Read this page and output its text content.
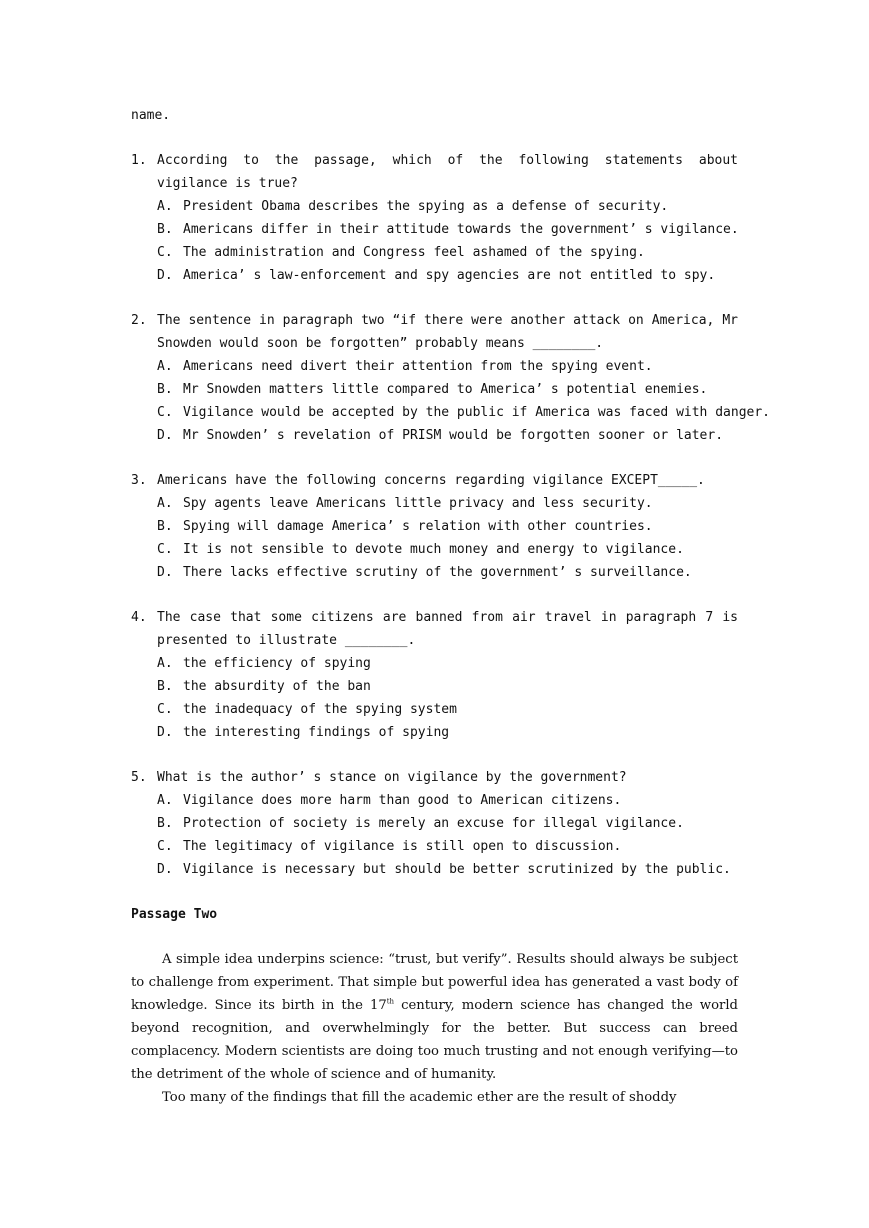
name.
1. According to the passage, which of the following statements about vigilance is true?
A. President Obama describes the spying as a defense of security.
B. Americans differ in their attitude towards the government’ s vigilance.
C. The administration and Congress feel ashamed of the spying.
D. America’ s law-enforcement and spy agencies are not entitled to spy.
2. The sentence in paragraph two “if there were another attack on America, Mr Snowden would soon be forgotten” probably means ________.
A. Americans need divert their attention from the spying event.
B. Mr Snowden matters little compared to America’ s potential enemies.
C. Vigilance would be accepted by the public if America was faced with danger.
D. Mr Snowden’ s revelation of PRISM would be forgotten sooner or later.
3. Americans have the following concerns regarding vigilance EXCEPT_____.
A. Spy agents leave Americans little privacy and less security.
B. Spying will damage America’ s relation with other countries.
C. It is not sensible to devote much money and energy to vigilance.
D. There lacks effective scrutiny of the government’ s surveillance.
4. The case that some citizens are banned from air travel in paragraph 7 is presented to illustrate ________.
A. the efficiency of spying
B. the absurdity of the ban
C. the inadequacy of the spying system
D. the interesting findings of spying
5. What is the author’ s stance on vigilance by the government?
A. Vigilance does more harm than good to American citizens.
B. Protection of society is merely an excuse for illegal vigilance.
C. The legitimacy of vigilance is still open to discussion.
D. Vigilance is necessary but should be better scrutinized by the public.
Passage Two
A simple idea underpins science: “trust, but verify”. Results should always be subject to challenge from experiment. That simple but powerful idea has generated a vast body of knowledge. Since its birth in the 17th century, modern science has changed the world beyond recognition, and overwhelmingly for the better. But success can breed complacency. Modern scientists are doing too much trusting and not enough verifying—to the detriment of the whole of science and of humanity.
Too many of the findings that fill the academic ether are the result of shoddy
